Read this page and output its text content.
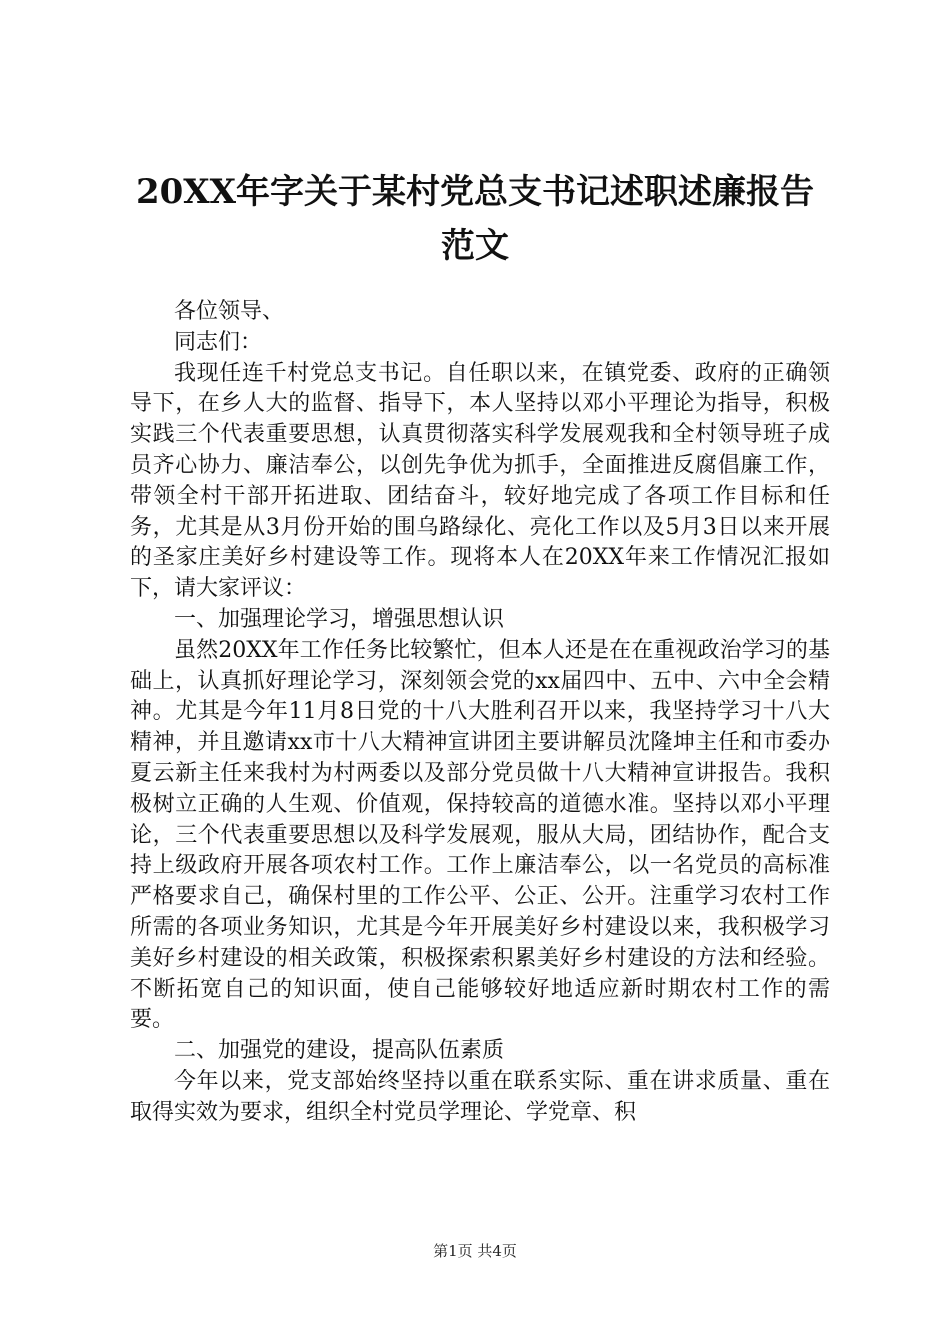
20XX年字关于某村党总支书记述职述廉报告
范文

各位领导、

同志们：

我现任连千村党总支书记。自任职以来，在镇党委、政府的正确领导下，在乡人大的监督、指导下，本人坚持以邓小平理论为指导，积极实践三个代表重要思想，认真贯彻落实科学发展观我和全村领导班子成员齐心协力、廉洁奉公，以创先争优为抓手，全面推进反腐倡廉工作，带领全村干部开拓进取、团结奋斗，较好地完成了各项工作目标和任务，尤其是从3月份开始的围乌路绿化、亮化工作以及5月3日以来开展的圣家庄美好乡村建设等工作。现将本人在20XX年来工作情况汇报如下，请大家评议：

一、加强理论学习，增强思想认识

虽然20XX年工作任务比较繁忙，但本人还是在在重视政治学习的基础上，认真抓好理论学习，深刻领会党的xx届四中、五中、六中全会精神。尤其是今年11月8日党的十八大胜利召开以来，我坚持学习十八大精神，并且邀请xx市十八大精神宣讲团主要讲解员沈隆坤主任和市委办夏云新主任来我村为村两委以及部分党员做十八大精神宣讲报告。我积极树立正确的人生观、价值观，保持较高的道德水准。坚持以邓小平理论，三个代表重要思想以及科学发展观，服从大局，团结协作，配合支持上级政府开展各项农村工作。工作上廉洁奉公，以一名党员的高标准严格要求自己，确保村里的工作公平、公正、公开。注重学习农村工作所需的各项业务知识，尤其是今年开展美好乡村建设以来，我积极学习美好乡村建设的相关政策，积极探索积累美好乡村建设的方法和经验。不断拓宽自己的知识面，使自己能够较好地适应新时期农村工作的需要。

二、加强党的建设，提高队伍素质

今年以来，党支部始终坚持以重在联系实际、重在讲求质量、重在取得实效为要求，组织全村党员学理论、学党章、积

第1页 共4页
